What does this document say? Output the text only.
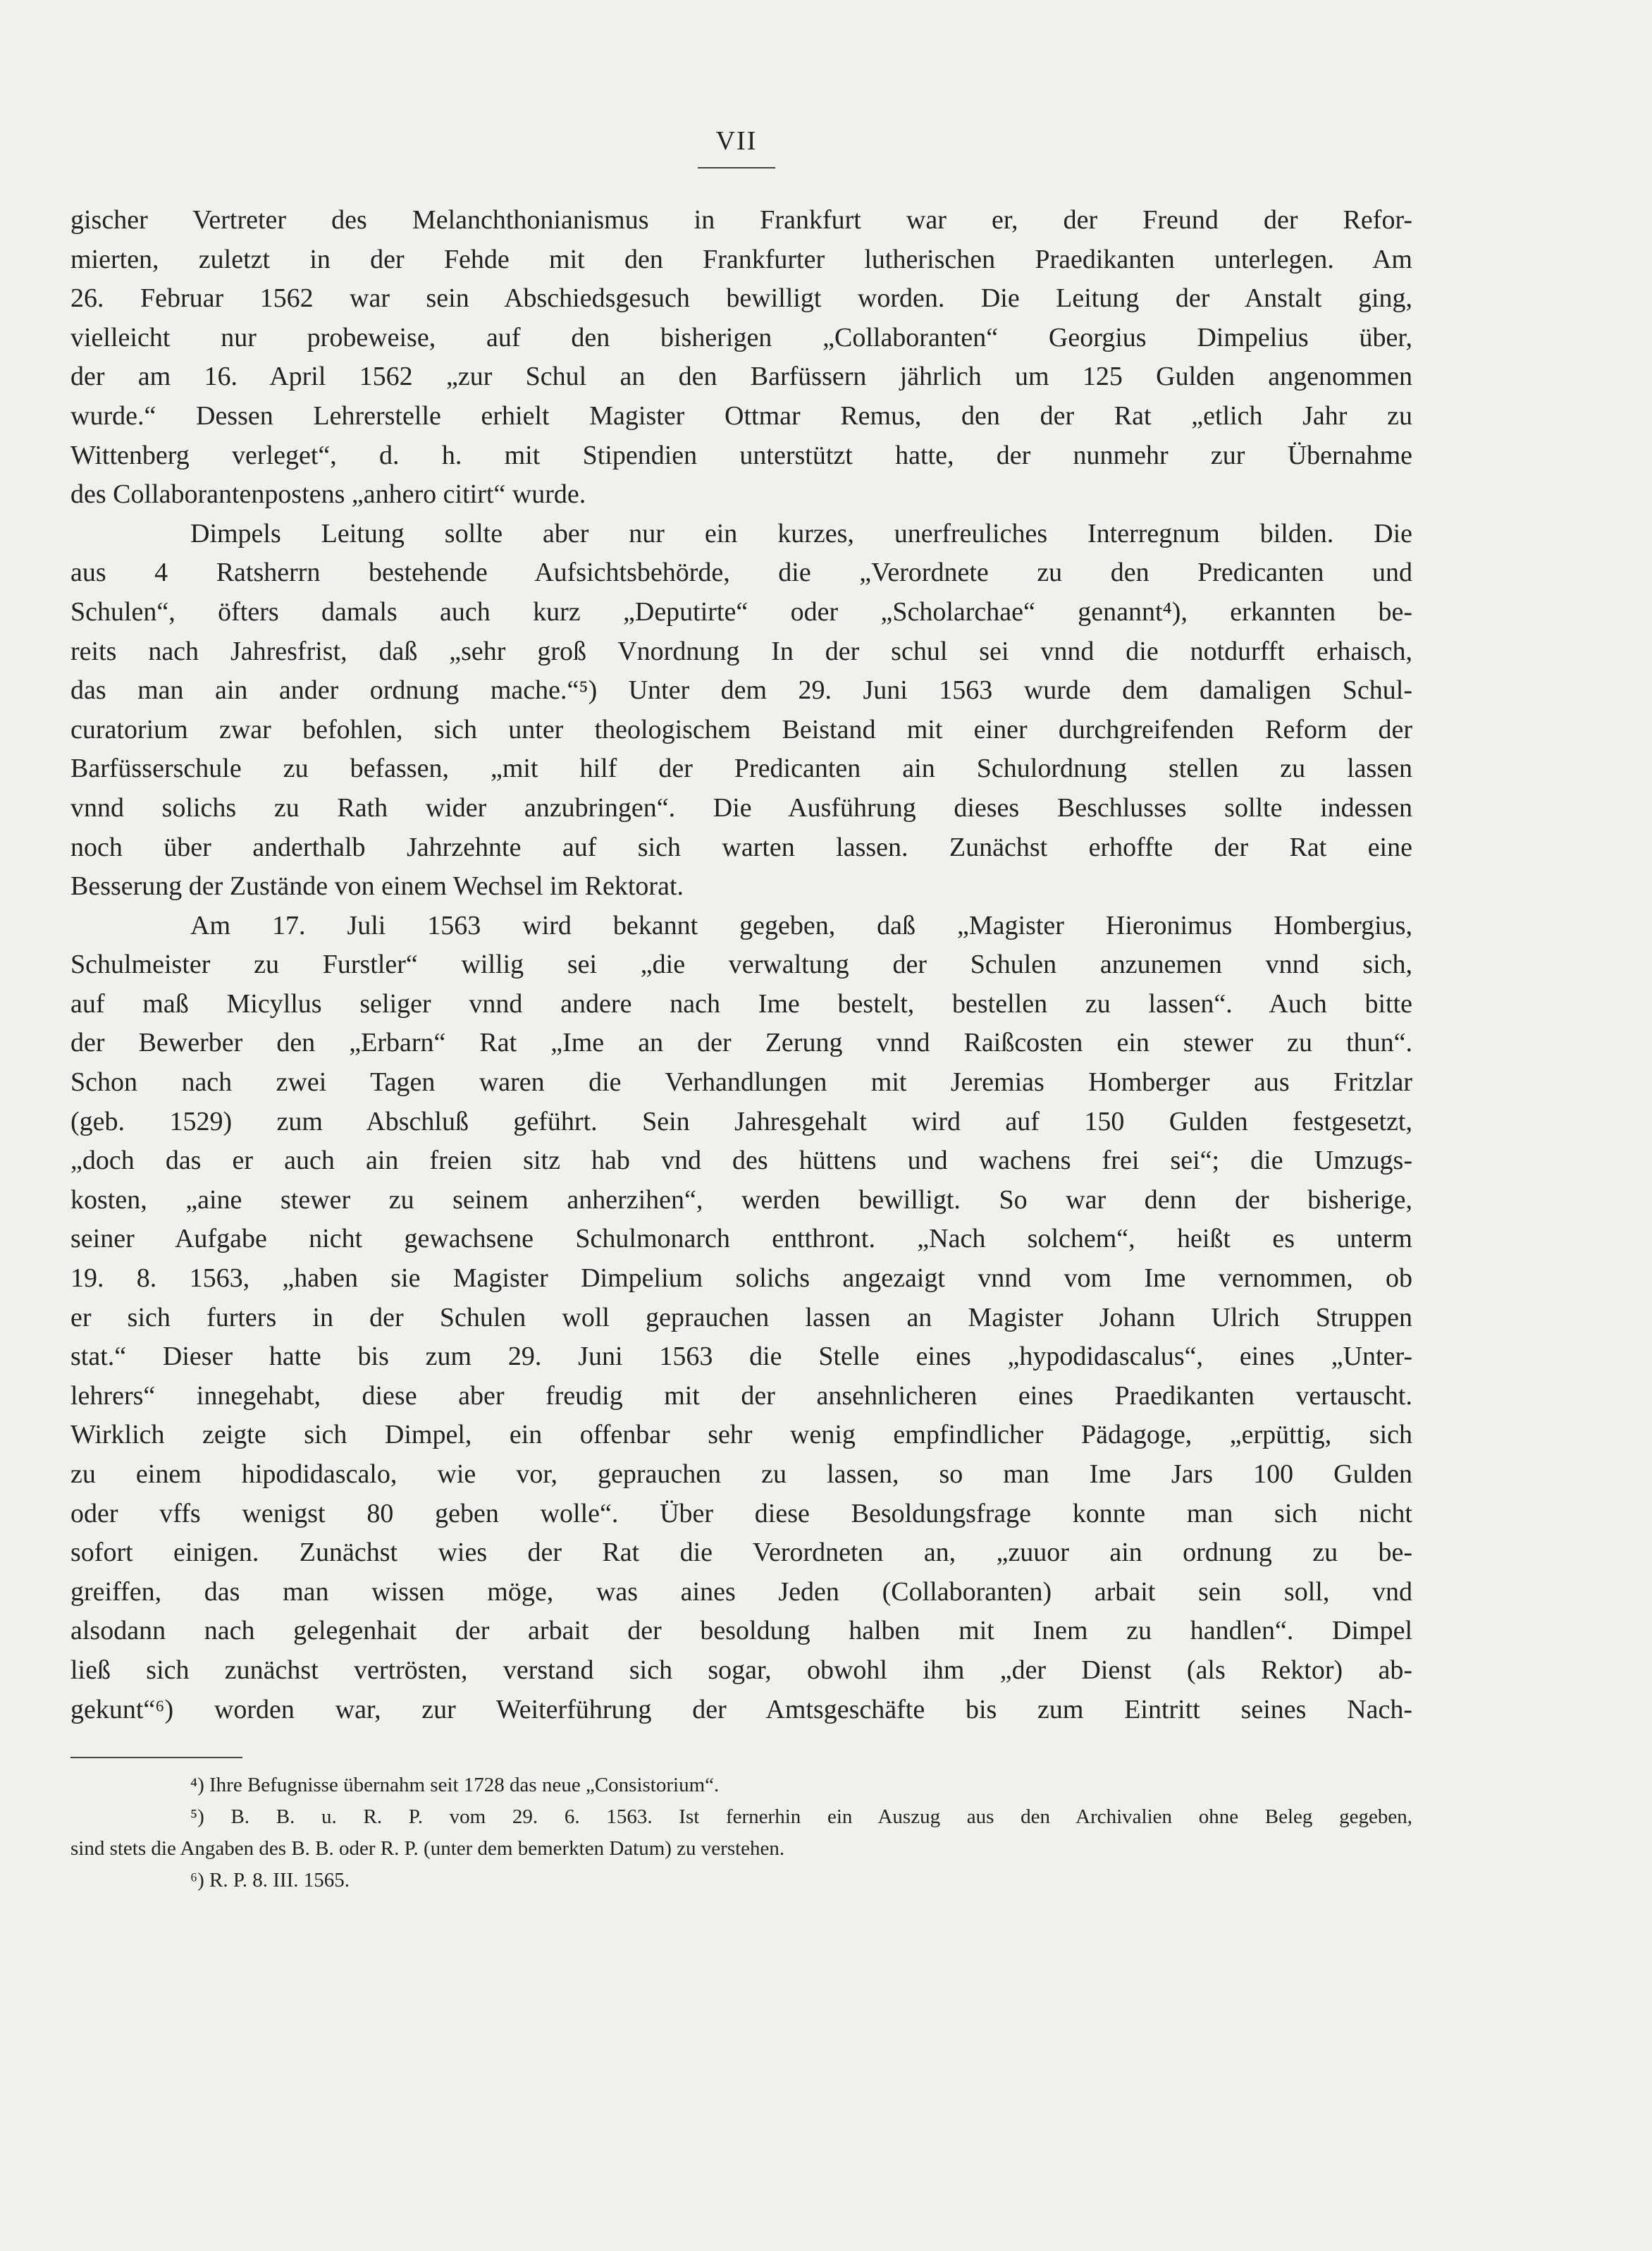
VII
gischer Vertreter des Melanchthonianismus in Frankfurt war er, der Freund der Refor-
mierten, zuletzt in der Fehde mit den Frankfurter lutherischen Praedikanten unterlegen. Am
26. Februar 1562 war sein Abschiedsgesuch bewilligt worden. Die Leitung der Anstalt ging,
vielleicht nur probeweise, auf den bisherigen „Collaboranten“ Georgius Dimpelius über,
der am 16. April 1562 „zur Schul an den Barfüssern jährlich um 125 Gulden angenommen
wurde.“ Dessen Lehrerstelle erhielt Magister Ottmar Remus, den der Rat „etlich Jahr zu
Wittenberg verleget“, d. h. mit Stipendien unterstützt hatte, der nunmehr zur Übernahme
des Collaborantenpostens „anhero citirt“ wurde.
Dimpels Leitung sollte aber nur ein kurzes, unerfreuliches Interregnum bilden. Die
aus 4 Ratsherrn bestehende Aufsichtsbehörde, die „Verordnete zu den Predicanten und
Schulen“, öfters damals auch kurz „Deputirte“ oder „Scholarchae“ genannt⁴), erkannten be-
reits nach Jahresfrist, daß „sehr groß Vnordnung In der schul sei vnnd die notdurfft erhaisch,
das man ain ander ordnung mache.“⁵) Unter dem 29. Juni 1563 wurde dem damaligen Schul-
curatorium zwar befohlen, sich unter theologischem Beistand mit einer durchgreifenden Reform der
Barfüsserschule zu befassen, „mit hilf der Predicanten ain Schulordnung stellen zu lassen
vnnd solichs zu Rath wider anzubringen“. Die Ausführung dieses Beschlusses sollte indessen
noch über anderthalb Jahrzehnte auf sich warten lassen. Zunächst erhoffte der Rat eine
Besserung der Zustände von einem Wechsel im Rektorat.
Am 17. Juli 1563 wird bekannt gegeben, daß „Magister Hieronimus Hombergius,
Schulmeister zu Furstler“ willig sei „die verwaltung der Schulen anzunemen vnnd sich,
auf maß Micyllus seliger vnnd andere nach Ime bestelt, bestellen zu lassen“. Auch bitte
der Bewerber den „Erbarn“ Rat „Ime an der Zerung vnnd Raißcosten ein stewer zu thun“.
Schon nach zwei Tagen waren die Verhandlungen mit Jeremias Homberger aus Fritzlar
(geb. 1529) zum Abschluß geführt. Sein Jahresgehalt wird auf 150 Gulden festgesetzt,
„doch das er auch ain freien sitz hab vnd des hüttens und wachens frei sei“; die Umzugs-
kosten, „aine stewer zu seinem anherzihen“, werden bewilligt. So war denn der bisherige,
seiner Aufgabe nicht gewachsene Schulmonarch entthront. „Nach solchem“, heißt es unterm
19. 8. 1563, „haben sie Magister Dimpelium solichs angezaigt vnnd vom Ime vernommen, ob
er sich furters in der Schulen woll geprauchen lassen an Magister Johann Ulrich Struppen
stat.“ Dieser hatte bis zum 29. Juni 1563 die Stelle eines „hypodidascalus“, eines „Unter-
lehrers“ innegehabt, diese aber freudig mit der ansehnlicheren eines Praedikanten vertauscht.
Wirklich zeigte sich Dimpel, ein offenbar sehr wenig empfindlicher Pädagoge, „erpüttig, sich
zu einem hipodidascalo, wie vor, geprauchen zu lassen, so man Ime Jars 100 Gulden
oder vffs wenigst 80 geben wolle“. Über diese Besoldungsfrage konnte man sich nicht
sofort einigen. Zunächst wies der Rat die Verordneten an, „zuuor ain ordnung zu be-
greiffen, das man wissen möge, was aines Jeden (Collaboranten) arbait sein soll, vnd
alsodann nach gelegenhait der arbait der besoldung halben mit Inem zu handlen“. Dimpel
ließ sich zunächst vertrösten, verstand sich sogar, obwohl ihm „der Dienst (als Rektor) ab-
gekunt“⁶) worden war, zur Weiterführung der Amtsgeschäfte bis zum Eintritt seines Nach-
⁴) Ihre Befugnisse übernahm seit 1728 das neue „Consistorium“.
⁵) B. B. u. R. P. vom 29. 6. 1563. Ist fernerhin ein Auszug aus den Archivalien ohne Beleg gegeben,
sind stets die Angaben des B. B. oder R. P. (unter dem bemerkten Datum) zu verstehen.
⁶) R. P. 8. III. 1565.
